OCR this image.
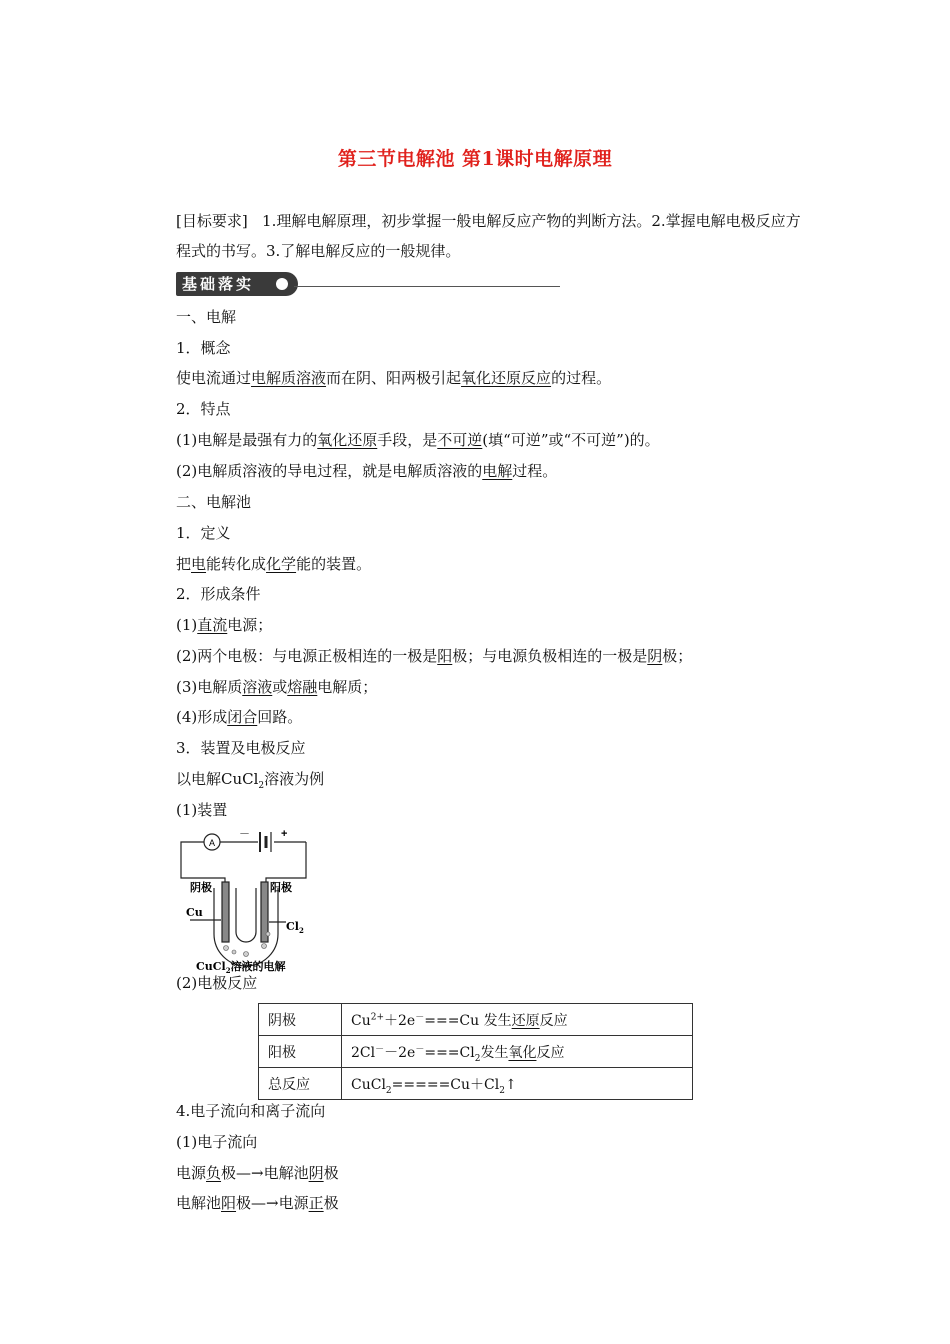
第三节电解池 第1课时电解原理
[目标要求] 1.理解电解原理，初步掌握一般电解反应产物的判断方法。2.掌握电解电极反应方程式的书写。3.了解电解反应的一般规律。
基础落实
一、电解
1．概念
使电流通过电解质溶液而在阴、阳两极引起氧化还原反应的过程。
2．特点
(1)电解是最强有力的氧化还原手段，是不可逆(填“可逆”或“不可逆”)的。
(2)电解质溶液的导电过程，就是电解质溶液的电解过程。
二、电解池
1．定义
把电能转化成化学能的装置。
2．形成条件
(1)直流电源；
(2)两个电极：与电源正极相连的一极是阳极；与电源负极相连的一极是阴极；
(3)电解质溶液或熔融电解质；
(4)形成闭合回路。
3．装置及电极反应
以电解CuCl$_2$溶液为例
(1)装置
A
－	+
阴极	阳极
Cu
$Cl_2$
CuCl$_2$溶液的电解
(2)电极反应
阴极	$Cu^{2+}+2e^-===Cu$ 发生还原反应
阳极	$2Cl^--2e^-===Cl_2$发生氧化反应
总反应	$CuCl_2=====Cu+Cl_2↑$
4.电子流向和离子流向
(1)电子流向
电源负极—→电解池阴极
电解池阳极—→电源正极
